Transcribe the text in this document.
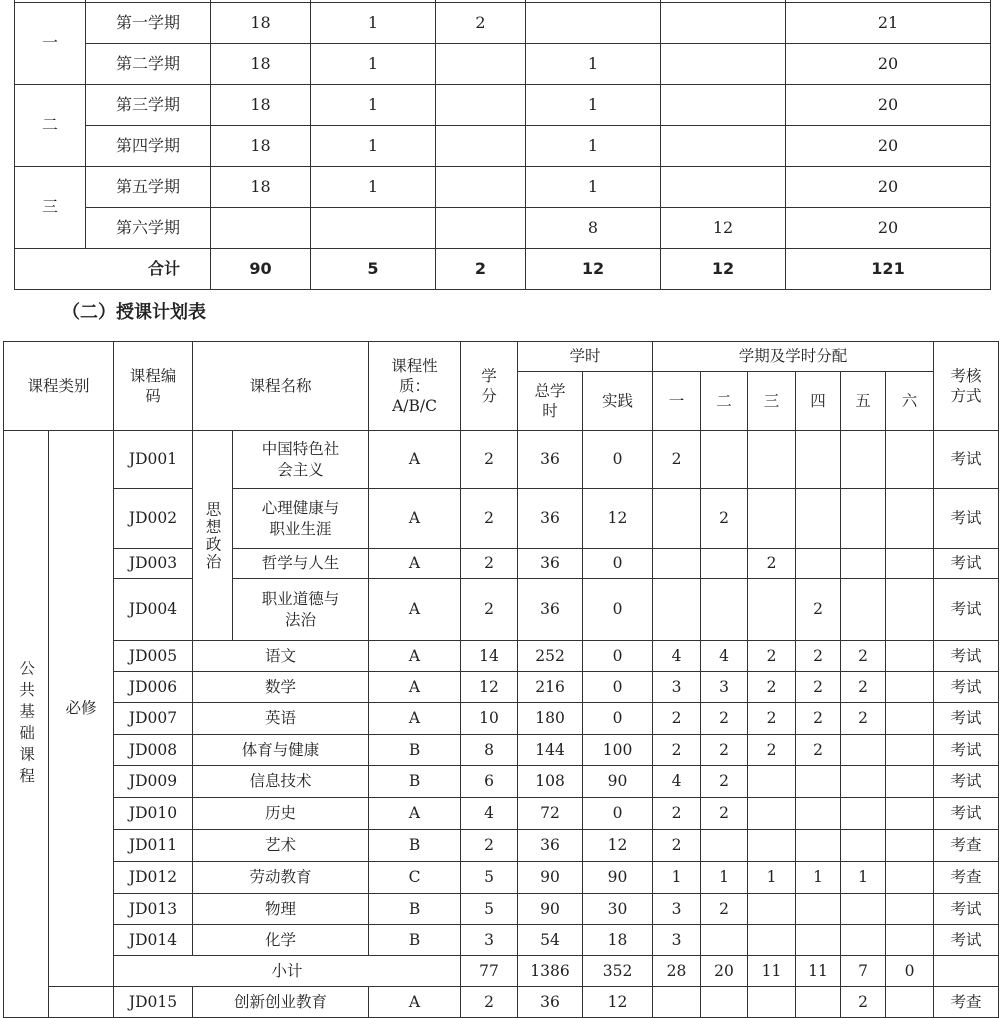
一	第一学期	18	1	2			21
	第二学期	18	1		1		20
二	第三学期	18	1		1		20
	第四学期	18	1		1		20
三	第五学期	18	1		1		20
	第六学期				8	12	20
合计		90	5	2	12	12	121
（二）授课计划表
课程类别		课程编码	课程名称		课程性质：A/B/C	学分	学时		学期及学时分配						考核方式
							总学时	实践	一	二	三	四	五	六	
公共基础课程	必修	JD001	思想政治	中国特色社会主义	A	2	36	0	2						考试
		JD002		心理健康与职业生涯	A	2	36	12		2					考试
		JD003		哲学与人生	A	2	36	0			2				考试
		JD004		职业道德与法治	A	2	36	0				2			考试
		JD005	语文		A	14	252	0	4	4	2	2	2		考试
		JD006	数学		A	12	216	0	3	3	2	2	2		考试
		JD007	英语		A	10	180	0	2	2	2	2	2		考试
		JD008	体育与健康		B	8	144	100	2	2	2	2			考试
		JD009	信息技术		B	6	108	90	4	2					考试
		JD010	历史		A	4	72	0	2	2					考试
		JD011	艺术		B	2	36	12	2						考查
		JD012	劳动教育		C	5	90	90	1	1	1	1	1		考查
		JD013	物理		B	5	90	30	3	2					考试
		JD014	化学		B	3	54	18	3						考试
		小计				77	1386	352	28	20	11	11	7	0	
		JD015	创新创业教育		A	2	36	12					2		考查
